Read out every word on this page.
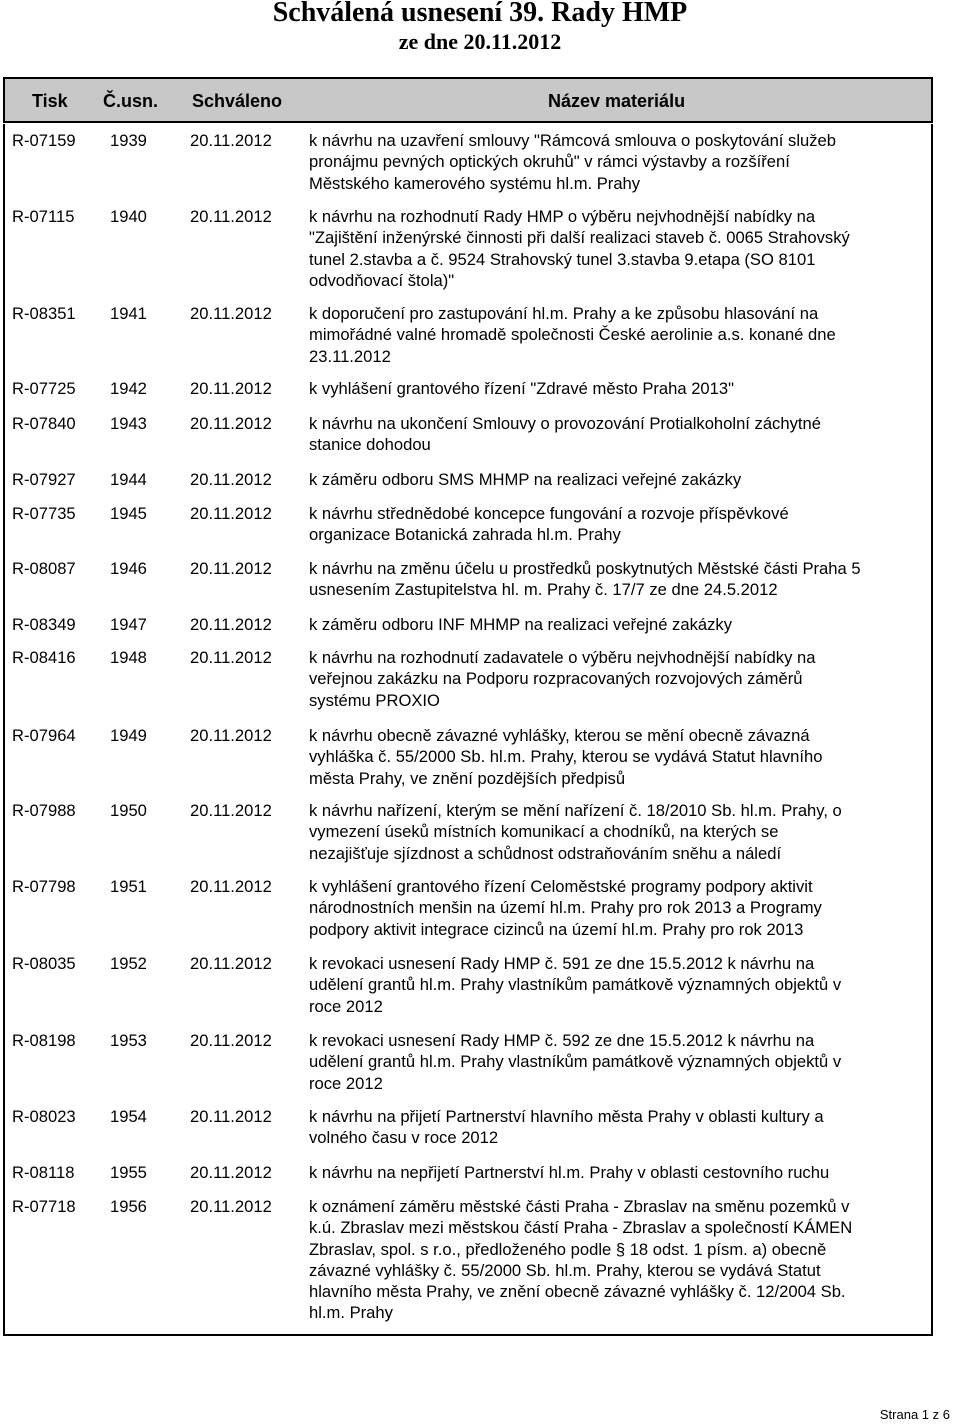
Schválená usnesení 39. Rady HMP
ze dne 20.11.2012
Tisk Č.usn. Schváleno	Název materiálu
R-07159 1939	20.11.2012 k návrhu na uzavření smlouvy "Rámcová smlouva o poskytování služeb
pronájmu pevných optických okruhů" v rámci výstavby a rozšíření
Městského kamerového systému hl.m. Prahy
R-07115 1940	20.11.2012 k návrhu na rozhodnutí Rady HMP o výběru nejvhodnější nabídky na
"Zajištění inženýrské činnosti při další realizaci staveb č. 0065 Strahovský
tunel 2.stavba a č. 9524 Strahovský tunel 3.stavba 9.etapa (SO 8101
odvodňovací štola)"
R-08351 1941	20.11.2012 k doporučení pro zastupování hl.m. Prahy a ke způsobu hlasování na
mimořádné valné hromadě společnosti České aerolinie a.s. konané dne
23.11.2012
R-07725 1942	20.11.2012 k vyhlášení grantového řízení "Zdravé město Praha 2013"
R-07840 1943	20.11.2012 k návrhu na ukončení Smlouvy o provozování Protialkoholní záchytné
stanice dohodou
R-07927 1944	20.11.2012 k záměru odboru SMS MHMP na realizaci veřejné zakázky
R-07735 1945	20.11.2012 k návrhu střednědobé koncepce fungování a rozvoje příspěvkové
organizace Botanická zahrada hl.m. Prahy
R-08087 1946	20.11.2012 k návrhu na změnu účelu u prostředků poskytnutých Městské části Praha 5
usnesením Zastupitelstva hl. m. Prahy č. 17/7 ze dne 24.5.2012
R-08349 1947	20.11.2012 k záměru odboru INF MHMP na realizaci veřejné zakázky
R-08416 1948	20.11.2012 k návrhu na rozhodnutí zadavatele o výběru nejvhodnější nabídky na
veřejnou zakázku na Podporu rozpracovaných rozvojových záměrů
systému PROXIO
R-07964 1949	20.11.2012 k návrhu obecně závazné vyhlášky, kterou se mění obecně závazná
vyhláška č. 55/2000 Sb. hl.m. Prahy, kterou se vydává Statut hlavního
města Prahy, ve znění pozdějších předpisů
R-07988 1950	20.11.2012 k návrhu nařízení, kterým se mění nařízení č. 18/2010 Sb. hl.m. Prahy, o
vymezení úseků místních komunikací a chodníků, na kterých se
nezajišťuje sjízdnost a schůdnost odstraňováním sněhu a náledí
R-07798 1951	20.11.2012 k vyhlášení grantového řízení Celoměstské programy podpory aktivit
národnostních menšin na území hl.m. Prahy pro rok 2013 a Programy
podpory aktivit integrace cizinců na území hl.m. Prahy pro rok 2013
R-08035 1952	20.11.2012 k revokaci usnesení Rady HMP č. 591 ze dne 15.5.2012 k návrhu na
udělení grantů hl.m. Prahy vlastníkům památkově významných objektů v
roce 2012
R-08198 1953	20.11.2012 k revokaci usnesení Rady HMP č. 592 ze dne 15.5.2012 k návrhu na
udělení grantů hl.m. Prahy vlastníkům památkově významných objektů v
roce 2012
R-08023 1954	20.11.2012 k návrhu na přijetí Partnerství hlavního města Prahy v oblasti kultury a
volného času v roce 2012
R-08118 1955	20.11.2012 k návrhu na nepřijetí Partnerství hl.m. Prahy v oblasti cestovního ruchu
R-07718 1956	20.11.2012 k oznámení záměru městské části Praha - Zbraslav na směnu pozemků v
k.ú. Zbraslav mezi městskou částí Praha - Zbraslav a společností KÁMEN
Zbraslav, spol. s r.o., předloženého podle § 18 odst. 1 písm. a) obecně
závazné vyhlášky č. 55/2000 Sb. hl.m. Prahy, kterou se vydává Statut
hlavního města Prahy, ve znění obecně závazné vyhlášky č. 12/2004 Sb.
hl.m. Prahy
Strana 1 z 6
